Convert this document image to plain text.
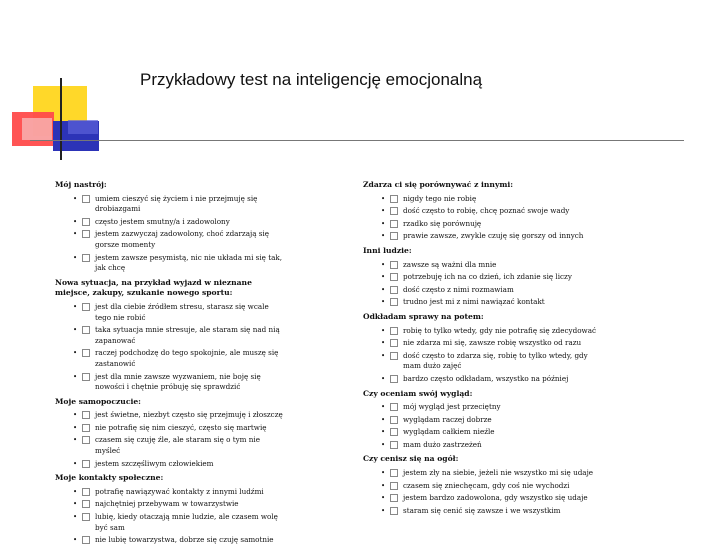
Przykładowy test na inteligencję emocjonalną
Mój nastrój:
•	umiem cieszyć się życiem i nie przejmuję się drobiazgami
•	często jestem smutny/a i zadowolony
•	jestem zazwyczaj zadowolony, choć zdarzają się gorsze momenty
•	jestem zawsze pesymistą, nic nie układa mi się tak, jak chcę
Nowa sytuacja, na przykład wyjazd w nieznane miejsce, zakupy, szukanie nowego sportu:
•	jest dla ciebie źródłem stresu, starasz się wcale tego nie robić
•	taka sytuacja mnie stresuje, ale staram się nad nią zapanować
•	raczej podchodzę do tego spokojnie, ale muszę się zastanowić
•	jest dla mnie zawsze wyzwaniem, nie boję się nowości i chętnie próbuję się sprawdzić
Moje samopoczucie:
•	jest świetne, niezbyt często się przejmuję i złoszczę
•	nie potrafię się nim cieszyć, często się martwię
•	czasem się czuję źle, ale staram się o tym nie myśleć
•	jestem szczęśliwym człowiekiem
Moje kontakty społeczne:
•	potrafię nawiązywać kontakty z innymi ludźmi
•	najchętniej przebywam w towarzystwie
•	lubię, kiedy otaczają mnie ludzie, ale czasem wolę być sam
•	nie lubię towarzystwa, dobrze się czuję samotnie
Zdarza ci się porównywać z innymi:
•	nigdy tego nie robię
•	dość często to robię, chcę poznać swoje wady
•	rzadko się porównuję
•	prawie zawsze, zwykle czuję się gorszy od innych
Inni ludzie:
•	zawsze są ważni dla mnie
•	potrzebuję ich na co dzień, ich zdanie się liczy
•	dość często z nimi rozmawiam
•	trudno jest mi z nimi nawiązać kontakt
Odkładam sprawy na potem:
•	robię to tylko wtedy, gdy nie potrafię się zdecydować
•	nie zdarza mi się, zawsze robię wszystko od razu
•	dość często to zdarza się, robię to tylko wtedy, gdy mam dużo zajęć
•	bardzo często odkładam, wszystko na później
Czy oceniam swój wygląd:
•	mój wygląd jest przeciętny
•	wyglądam raczej dobrze
•	wyglądam całkiem nieźle
•	mam dużo zastrzeżeń
Czy cenisz się na ogół:
•	jestem zły na siebie, jeżeli nie wszystko mi się udaje
•	czasem się zniechęcam, gdy coś nie wychodzi
•	jestem bardzo zadowolona, gdy wszystko się udaje
•	staram się cenić się zawsze i we wszystkim
